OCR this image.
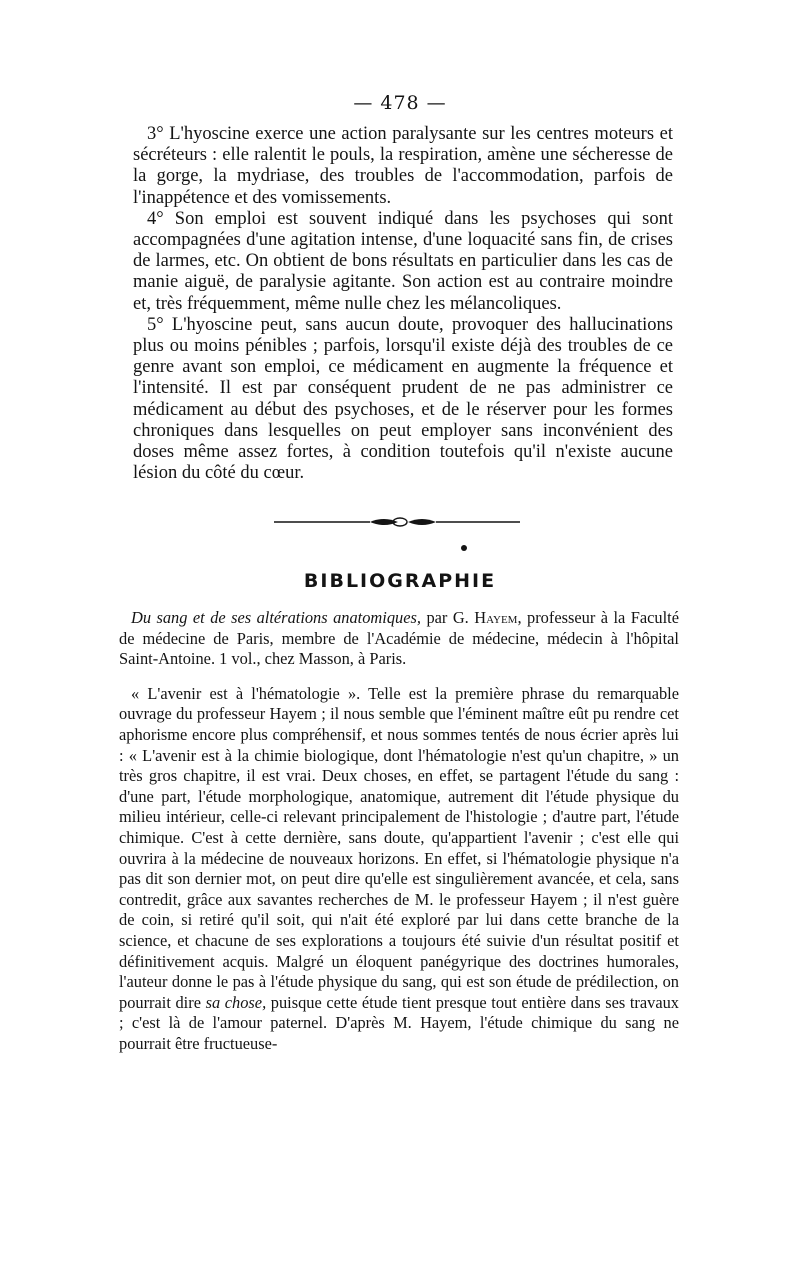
— 478 —

3° L'hyoscine exerce une action paralysante sur les centres moteurs et sécréteurs : elle ralentit le pouls, la respiration, amène une sécheresse de la gorge, la mydriase, des troubles de l'accommodation, parfois de l'inappétence et des vomissements.

4° Son emploi est souvent indiqué dans les psychoses qui sont accompagnées d'une agitation intense, d'une loquacité sans fin, de crises de larmes, etc. On obtient de bons résultats en particulier dans les cas de manie aiguë, de paralysie agitante. Son action est au contraire moindre et, très fréquemment, même nulle chez les mélancoliques.

5° L'hyoscine peut, sans aucun doute, provoquer des hallucinations plus ou moins pénibles ; parfois, lorsqu'il existe déjà des troubles de ce genre avant son emploi, ce médicament en augmente la fréquence et l'intensité. Il est par conséquent prudent de ne pas administrer ce médicament au début des psychoses, et de le réserver pour les formes chroniques dans lesquelles on peut employer sans inconvénient des doses même assez fortes, à condition toutefois qu'il n'existe aucune lésion du côté du cœur.

BIBLIOGRAPHIE

Du sang et de ses altérations anatomiques, par G. Hayem, professeur à la Faculté de médecine de Paris, membre de l'Académie de médecine, médecin à l'hôpital Saint-Antoine. 1 vol., chez Masson, à Paris.

« L'avenir est à l'hématologie ». Telle est la première phrase du remarquable ouvrage du professeur Hayem ; il nous semble que l'éminent maître eût pu rendre cet aphorisme encore plus compréhensif, et nous sommes tentés de nous écrier après lui : « L'avenir est à la chimie biologique, dont l'hématologie n'est qu'un chapitre, » un très gros chapitre, il est vrai. Deux choses, en effet, se partagent l'étude du sang : d'une part, l'étude morphologique, anatomique, autrement dit l'étude physique du milieu intérieur, celle-ci relevant principalement de l'histologie ; d'autre part, l'étude chimique. C'est à cette dernière, sans doute, qu'appartient l'avenir ; c'est elle qui ouvrira à la médecine de nouveaux horizons. En effet, si l'hématologie physique n'a pas dit son dernier mot, on peut dire qu'elle est singulièrement avancée, et cela, sans contredit, grâce aux savantes recherches de M. le professeur Hayem ; il n'est guère de coin, si retiré qu'il soit, qui n'ait été exploré par lui dans cette branche de la science, et chacune de ses explorations a toujours été suivie d'un résultat positif et définitivement acquis. Malgré un éloquent panégyrique des doctrines humorales, l'auteur donne le pas à l'étude physique du sang, qui est son étude de prédilection, on pourrait dire sa chose, puisque cette étude tient presque tout entière dans ses travaux ; c'est là de l'amour paternel. D'après M. Hayem, l'étude chimique du sang ne pourrait être fructueuse-
